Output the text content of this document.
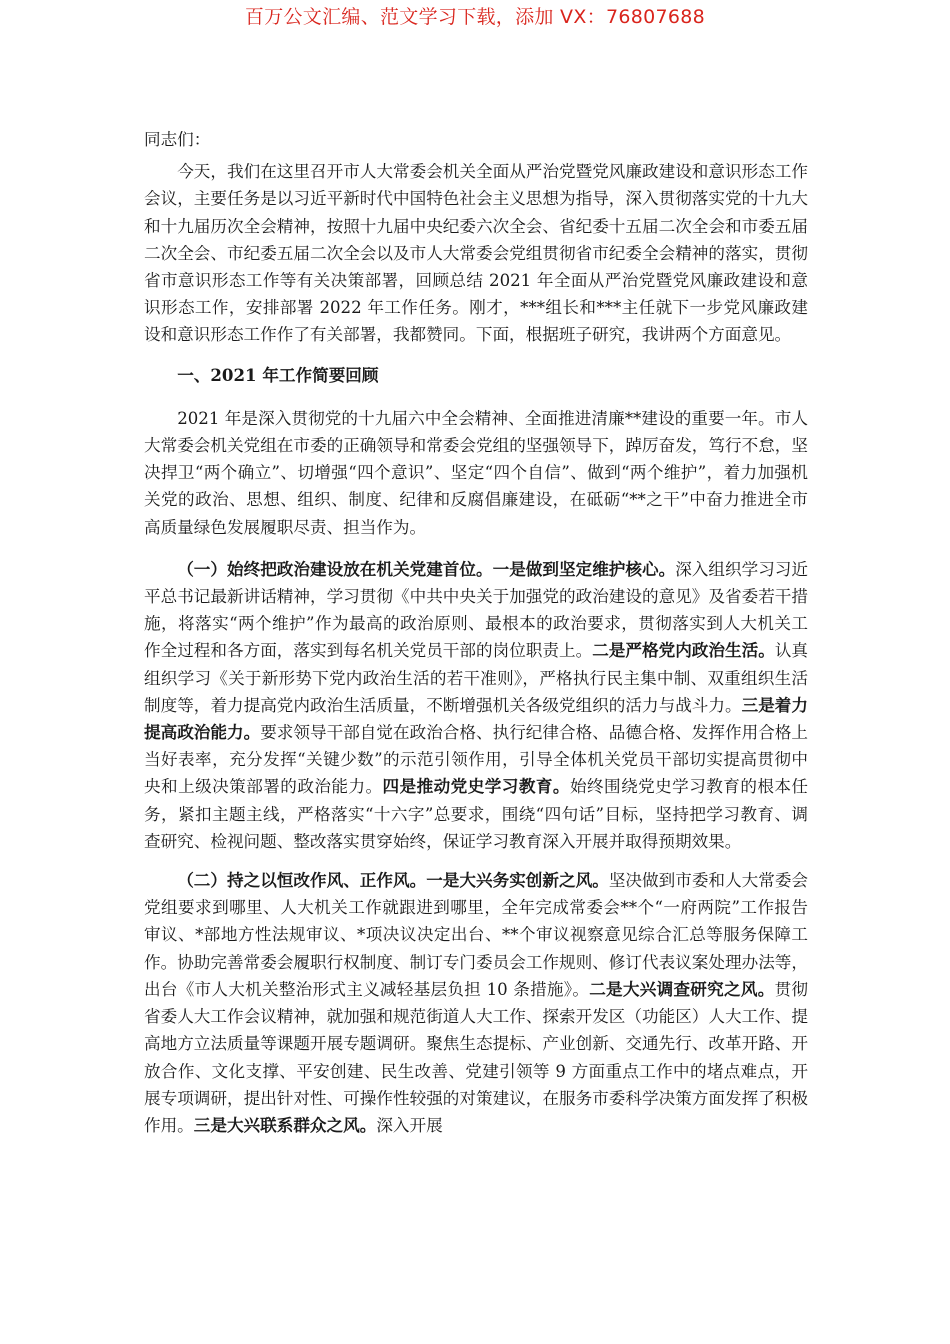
百万公文汇编、范文学习下载，添加 VX：76807688

同志们：

今天，我们在这里召开市人大常委会机关全面从严治党暨党风廉政建设和意识形态工作会议，主要任务是以习近平新时代中国特色社会主义思想为指导，深入贯彻落实党的十九大和十九届历次全会精神，按照十九届中央纪委六次全会、省纪委十五届二次全会和市委五届二次全会、市纪委五届二次全会以及市人大常委会党组贯彻省市纪委全会精神的落实，贯彻省市意识形态工作等有关决策部署，回顾总结 2021 年全面从严治党暨党风廉政建设和意识形态工作，安排部署 2022 年工作任务。刚才，***组长和***主任就下一步党风廉政建设和意识形态工作作了有关部署，我都赞同。下面，根据班子研究，我讲两个方面意见。

一、2021 年工作简要回顾

2021 年是深入贯彻党的十九届六中全会精神、全面推进清廉**建设的重要一年。市人大常委会机关党组在市委的正确领导和常委会党组的坚强领导下，踔厉奋发，笃行不怠，坚决捍卫“两个确立”、切增强“四个意识”、坚定“四个自信”、做到“两个维护”，着力加强机关党的政治、思想、组织、制度、纪律和反腐倡廉建设，在砥砺“**之干”中奋力推进全市高质量绿色发展履职尽责、担当作为。

（一）始终把政治建设放在机关党建首位。一是做到坚定维护核心。深入组织学习习近平总书记最新讲话精神，学习贯彻《中共中央关于加强党的政治建设的意见》及省委若干措施，将落实“两个维护”作为最高的政治原则、最根本的政治要求，贯彻落实到人大机关工作全过程和各方面，落实到每名机关党员干部的岗位职责上。二是严格党内政治生活。认真组织学习《关于新形势下党内政治生活的若干准则》，严格执行民主集中制、双重组织生活制度等，着力提高党内政治生活质量，不断增强机关各级党组织的活力与战斗力。三是着力提高政治能力。要求领导干部自觉在政治合格、执行纪律合格、品德合格、发挥作用合格上当好表率，充分发挥“关键少数”的示范引领作用，引导全体机关党员干部切实提高贯彻中央和上级决策部署的政治能力。四是推动党史学习教育。始终围绕党史学习教育的根本任务，紧扣主题主线，严格落实“十六字”总要求，围绕“四句话”目标，坚持把学习教育、调查研究、检视问题、整改落实贯穿始终，保证学习教育深入开展并取得预期效果。

（二）持之以恒改作风、正作风。一是大兴务实创新之风。坚决做到市委和人大常委会党组要求到哪里、人大机关工作就跟进到哪里，全年完成常委会**个“一府两院”工作报告审议、*部地方性法规审议、*项决议决定出台、**个审议视察意见综合汇总等服务保障工作。协助完善常委会履职行权制度、制订专门委员会工作规则、修订代表议案处理办法等，出台《市人大机关整治形式主义减轻基层负担 10 条措施》。二是大兴调查研究之风。贯彻省委人大工作会议精神，就加强和规范街道人大工作、探索开发区（功能区）人大工作、提高地方立法质量等课题开展专题调研。聚焦生态提标、产业创新、交通先行、改革开路、开放合作、文化支撑、平安创建、民生改善、党建引领等 9 方面重点工作中的堵点难点，开展专项调研，提出针对性、可操作性较强的对策建议，在服务市委科学决策方面发挥了积极作用。三是大兴联系群众之风。深入开展
